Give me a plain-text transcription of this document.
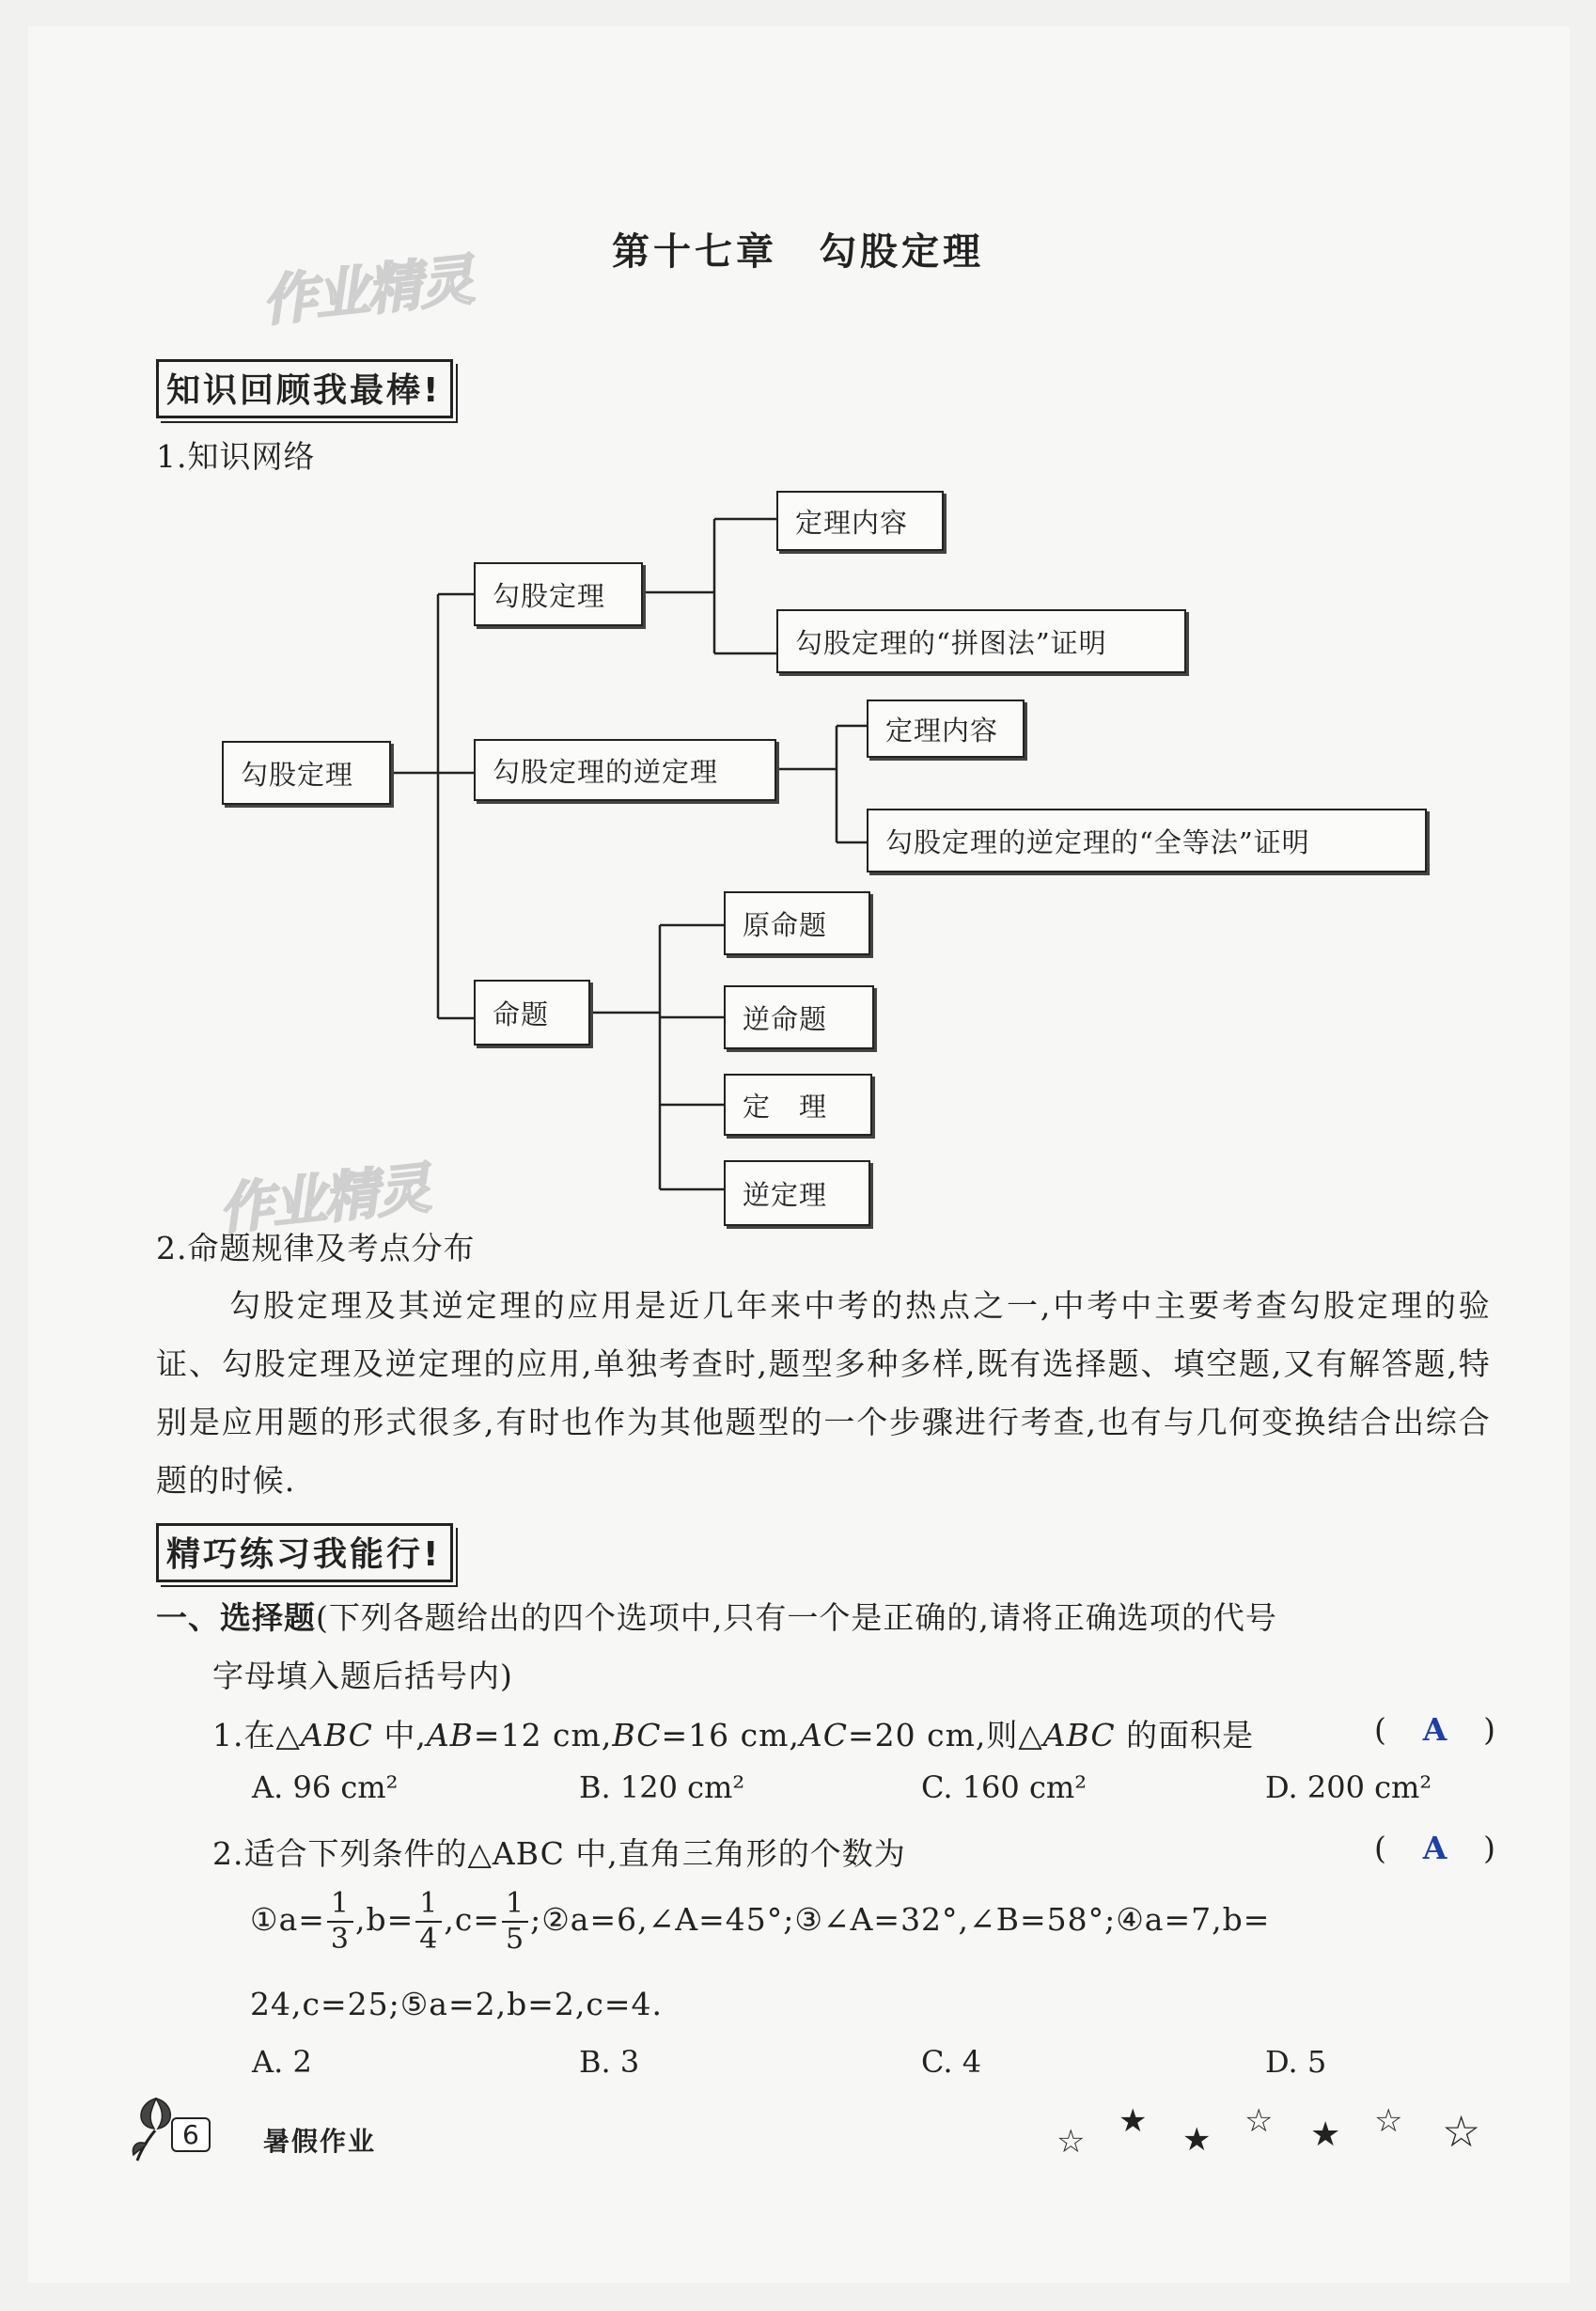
第十七章　勾股定理
作业精灵
作业精灵
知识回顾我最棒!
1.知识网络
勾股定理
勾股定理
定理内容
勾股定理的“拼图法”证明
勾股定理的逆定理
定理内容
勾股定理的逆定理的“全等法”证明
命题
原命题
逆命题
定　理
逆定理
2.命题规律及考点分布
勾股定理及其逆定理的应用是近几年来中考的热点之一,中考中主要考查勾股定理的验证、勾股定理及逆定理的应用,单独考查时,题型多种多样,既有选择题、填空题,又有解答题,特别是应用题的形式很多,有时也作为其他题型的一个步骤进行考查,也有与几何变换结合出综合题的时候.
精巧练习我能行!
一、选择题(下列各题给出的四个选项中,只有一个是正确的,请将正确选项的代号
字母填入题后括号内)
1.在△ABC 中,AB=12 cm,BC=16 cm,AC=20 cm,则△ABC 的面积是	( A )
A. 96 cm²	B. 120 cm²	C. 160 cm²	D. 200 cm²
2.适合下列条件的△ABC 中,直角三角形的个数为	( A )
①a= $\frac{1}{3} ,b= \frac{1}{4} ,c= \frac{1}{5}$ ;②a=6,∠A=45°;③∠A=32°,∠B=58°;④a=7,b=
24,c=25;⑤a=2,b=2,c=4.
A. 2	B. 3	C. 4	D. 5
6	暑假作业	☆
★ ★ ☆ ★ ☆ ☆
